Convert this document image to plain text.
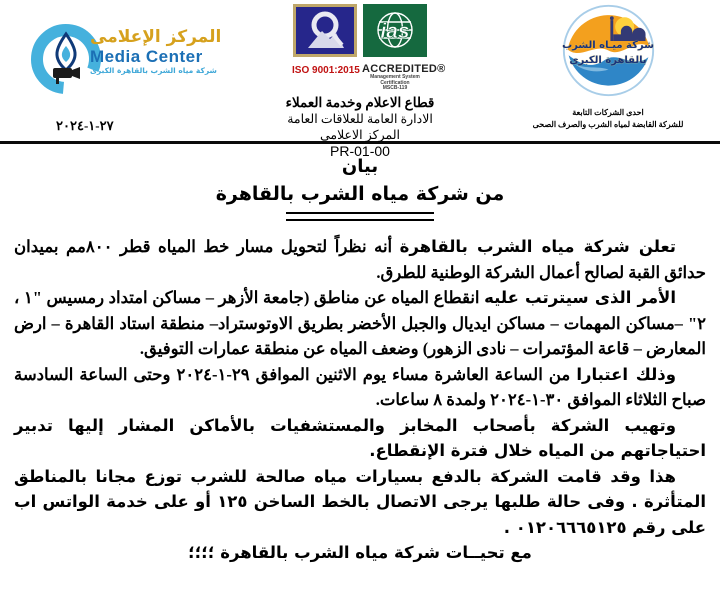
المركز الإعلامى
Media Center
شركة مياه الشرب بالقاهرة الكبرى
٢٧-١-٢٠٢٤
ISO 9001:2015
ias
ACCREDITED®
Management System
Certification
MSCB-119
قطاع الاعلام وخدمة العملاء
الادارة العامة للعلاقات العامة
المركز الاعلامى
PR-01-00
شركة ميـاه الشرب
بالقاهرة الكبرى
احدى الشركات التابعة
للشركة القابضة لمياه الشرب والصرف الصحى
بيان
من شركة مياه الشرب بالقاهرة

تعلن شركة مياه الشرب بالقاهرة أنه نظراً لتحويل مسار خط المياه قطر ٨٠٠مم بميدان حدائق القبة لصالح أعمال الشركة الوطنية للطرق.

الأمر الذى سيترتب عليه انقطاع المياه عن مناطق (جامعة الأزهر – مساكن امتداد رمسيس "١ ، ٢" –مساكن المهمات – مساكن ايديال والجبل الأخضر بطريق الاوتوستراد– منطقة استاد القاهرة – ارض المعارض – قاعة المؤتمرات – نادى الزهور) وضعف المياه عن منطقة عمارات التوفيق.

وذلك اعتبارا من الساعة العاشرة مساء يوم الاثنين الموافق ٢٩-١-٢٠٢٤ وحتى الساعة السادسة صباح الثلاثاء الموافق ٣٠-١-٢٠٢٤ ولمدة ٨ ساعات.

وتهيب الشركة بأصحاب المخابز والمستشفيات بالأماكن المشار إليها تدبير احتياجاتهم من المياه خلال فترة الإنقطاع.

هذا وقد قامت الشركة بالدفع بسيارات مياه صالحة للشرب توزع مجانا بالمناطق المتأثرة . وفى حالة طلبها يرجى الاتصال بالخط الساخن ١٢٥ أو على خدمة الواتس اب على رقم ٠١٢٠٦٦٦٥١٢٥ .

مع تحيــات شركة مياه الشرب بالقاهرة ؛؛؛؛
